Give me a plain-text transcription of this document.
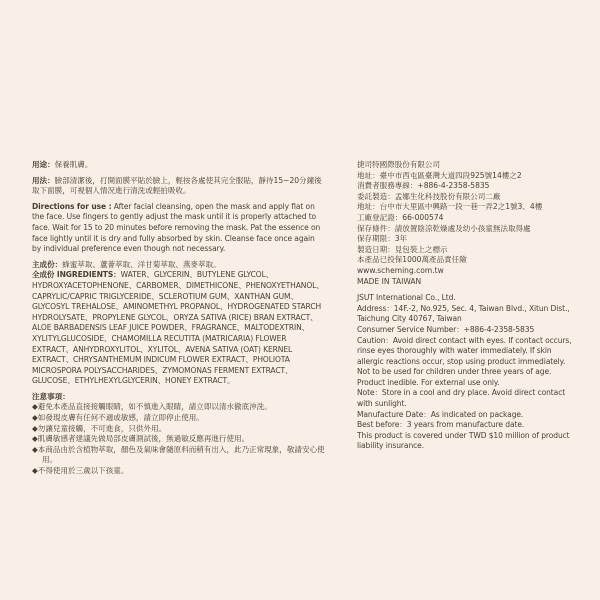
用途：保養肌膚。

用法：臉部清潔後，打開面膜平貼於臉上，輕按各處使其完全服貼，靜待15~20分鐘後取下面膜，可視個人情況進行清洗或輕拍吸收。

Directions for use : After facial cleansing, open the mask and apply flat on the face. Use fingers to gently adjust the mask until it is properly attached to face. Wait for 15 to 20 minutes before removing the mask. Pat the essence on face lightly until it is dry and fully absorbed by skin. Cleanse face once again by individual preference even though not necessary.

主成份：蜂蜜萃取、蘆薈萃取、洋甘菊萃取、燕麥萃取。

全成份 INGREDIENTS：WATER、GLYCERIN、BUTYLENE GLYCOL、HYDROXYACETOPHENONE、CARBOMER、DIMETHICONE、PHENOXYETHANOL、CAPRYLIC/CAPRIC TRIGLYCERIDE、SCLEROTIUM GUM、XANTHAN GUM、GLYCOSYL TREHALOSE、AMINOMETHYL PROPANOL、HYDROGENATED STARCH HYDROLYSATE、PROPYLENE GLYCOL、ORYZA SATIVA (RICE) BRAN EXTRACT、ALOE BARBADENSIS LEAF JUICE POWDER、FRAGRANCE、MALTODEXTRIN、XYLITYLGLUCOSIDE、CHAMOMILLA RECUTITA (MATRICARIA) FLOWER EXTRACT、ANHYDROXYLITOL、XYLITOL、AVENA SATIVA (OAT) KERNEL EXTRACT、CHRYSANTHEMUM INDICUM FLOWER EXTRACT、PHOLIOTA MICROSPORA POLYSACCHARIDES、ZYMOMONAS FERMENT EXTRACT、GLUCOSE、ETHYLHEXYLGLYCERIN、HONEY EXTRACT。

注意事項：

◆避免本產品直接接觸眼睛，如不慎進入眼睛，請立即以清水徹底沖洗。

◆如發現皮膚有任何不適或敏感，請立即停止使用。

◆勿讓兒童接觸，不可進食，只供外用。

◆肌膚敏感者建議先做局部皮膚測試後，無過敏反應再進行使用。

◆本商品由於含植物萃取，顏色及氣味會隨原料而稍有出入，此乃正常現象，敬請安心使用。

◆不得使用於三歲以下孩童。

捷司特國際股份有限公司

地址：臺中市西屯區臺灣大道四段925號14樓之2

消費者服務專線：+886-4-2358-5835

委託製造：孟娜生化科技股份有限公司二廠

地址：台中市大里區中興路一段一巷一弄2之1號3、4樓

工廠登記證：66-000574

保存條件：請放置陰涼乾燥處及幼小孩童無法取得處

保存期限：3年

製造日期：見包裝上之標示

本產品已投保1000萬產品責任險

www.scheming.com.tw

MADE IN TAIWAN

JSUT International Co., Ltd.

Address：14F.-2, No.925, Sec. 4, Taiwan Blvd., Xitun Dist., Taichung City 40767, Taiwan

Consumer Service Number：+886-4-2358-5835

Caution：Avoid direct contact with eyes. If contact occurs, rinse eyes thoroughly with water immediately. If skin allergic reactions occur, stop using product immediately. Not to be used for children under three years of age. Product inedible. For external use only.

Note：Store in a cool and dry place. Avoid direct contact with sunlight.

Manufacture Date：As indicated on package.

Best before：3 years from manufacture date.

This product is covered under TWD $10 million of product liability insurance.
